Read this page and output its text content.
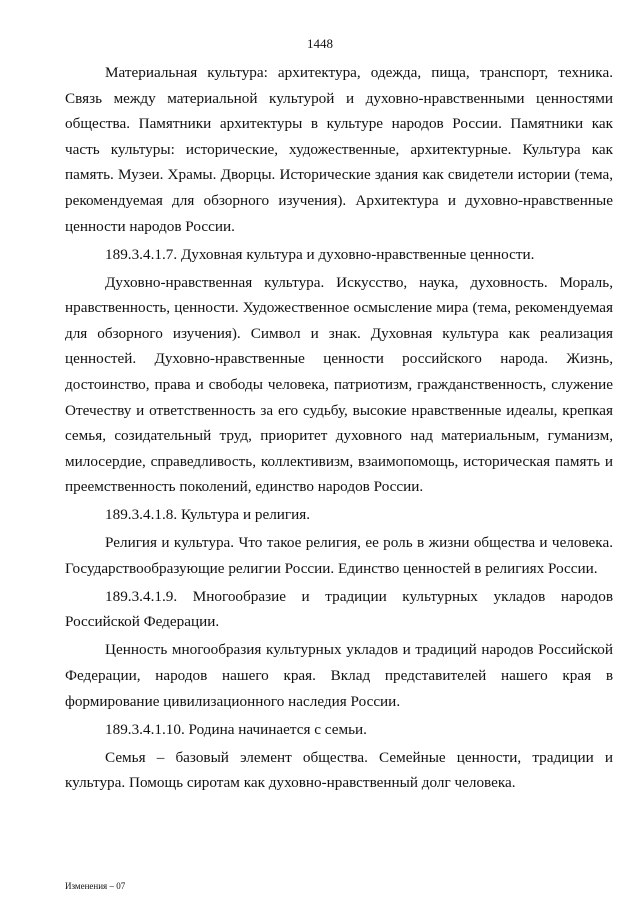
1448

Материальная культура: архитектура, одежда, пища, транспорт, техника. Связь между материальной культурой и духовно-нравственными ценностями общества. Памятники архитектуры в культуре народов России. Памятники как часть культуры: исторические, художественные, архитектурные. Культура как память. Музеи. Храмы. Дворцы. Исторические здания как свидетели истории (тема, рекомендуемая для обзорного изучения). Архитектура и духовно-нравственные ценности народов России.

189.3.4.1.7. Духовная культура и духовно-нравственные ценности.

Духовно-нравственная культура. Искусство, наука, духовность. Мораль, нравственность, ценности. Художественное осмысление мира (тема, рекомендуемая для обзорного изучения). Символ и знак. Духовная культура как реализация ценностей. Духовно-нравственные ценности российского народа. Жизнь, достоинство, права и свободы человека, патриотизм, гражданственность, служение Отечеству и ответственность за его судьбу, высокие нравственные идеалы, крепкая семья, созидательный труд, приоритет духовного над материальным, гуманизм, милосердие, справедливость, коллективизм, взаимопомощь, историческая память и преемственность поколений, единство народов России.

189.3.4.1.8. Культура и религия.

Религия и культура. Что такое религия, ее роль в жизни общества и человека. Государствообразующие религии России. Единство ценностей в религиях России.

189.3.4.1.9. Многообразие и традиции культурных укладов народов Российской Федерации.

Ценность многообразия культурных укладов и традиций народов Российской Федерации, народов нашего края. Вклад представителей нашего края в формирование цивилизационного наследия России.

189.3.4.1.10. Родина начинается с семьи.

Семья – базовый элемент общества. Семейные ценности, традиции и культура. Помощь сиротам как духовно-нравственный долг человека.

Изменения – 07
